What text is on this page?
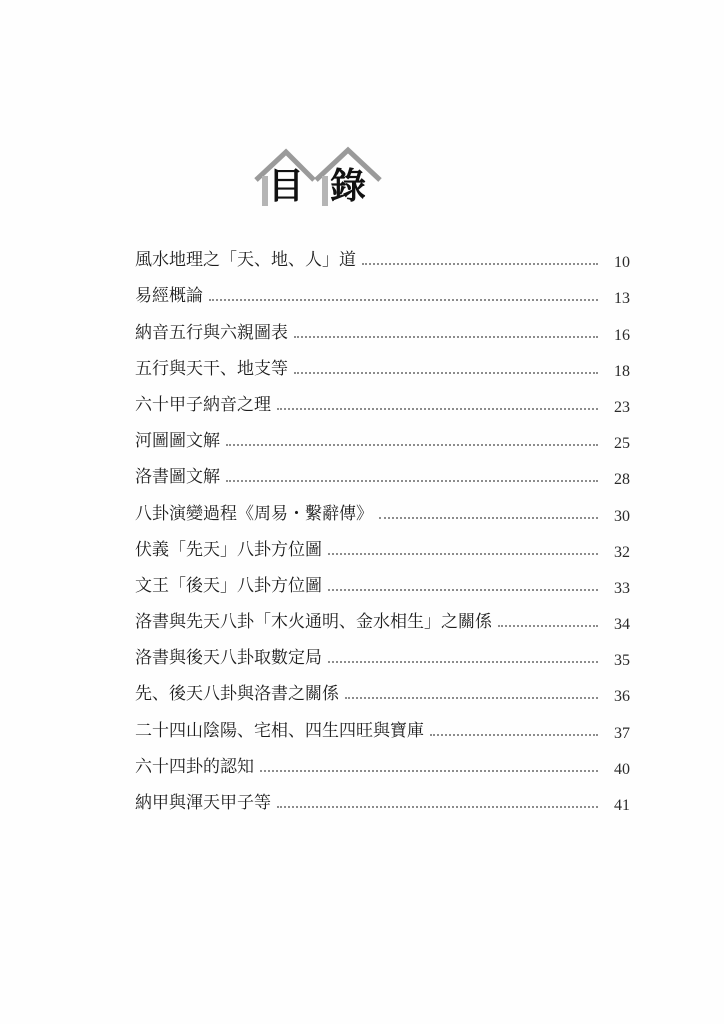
目 錄
風水地理之「天、地、人」道	10
易經概論	13
納音五行與六親圖表	16
五行與天干、地支等	18
六十甲子納音之理	23
河圖圖文解	25
洛書圖文解	28
八卦演變過程《周易・繫辭傳》	30
伏義「先天」八卦方位圖	32
文王「後天」八卦方位圖	33
洛書與先天八卦「木火通明、金水相生」之關係	34
洛書與後天八卦取數定局	35
先、後天八卦與洛書之關係	36
二十四山陰陽、宅相、四生四旺與寶庫	37
六十四卦的認知	40
納甲與渾天甲子等	41
